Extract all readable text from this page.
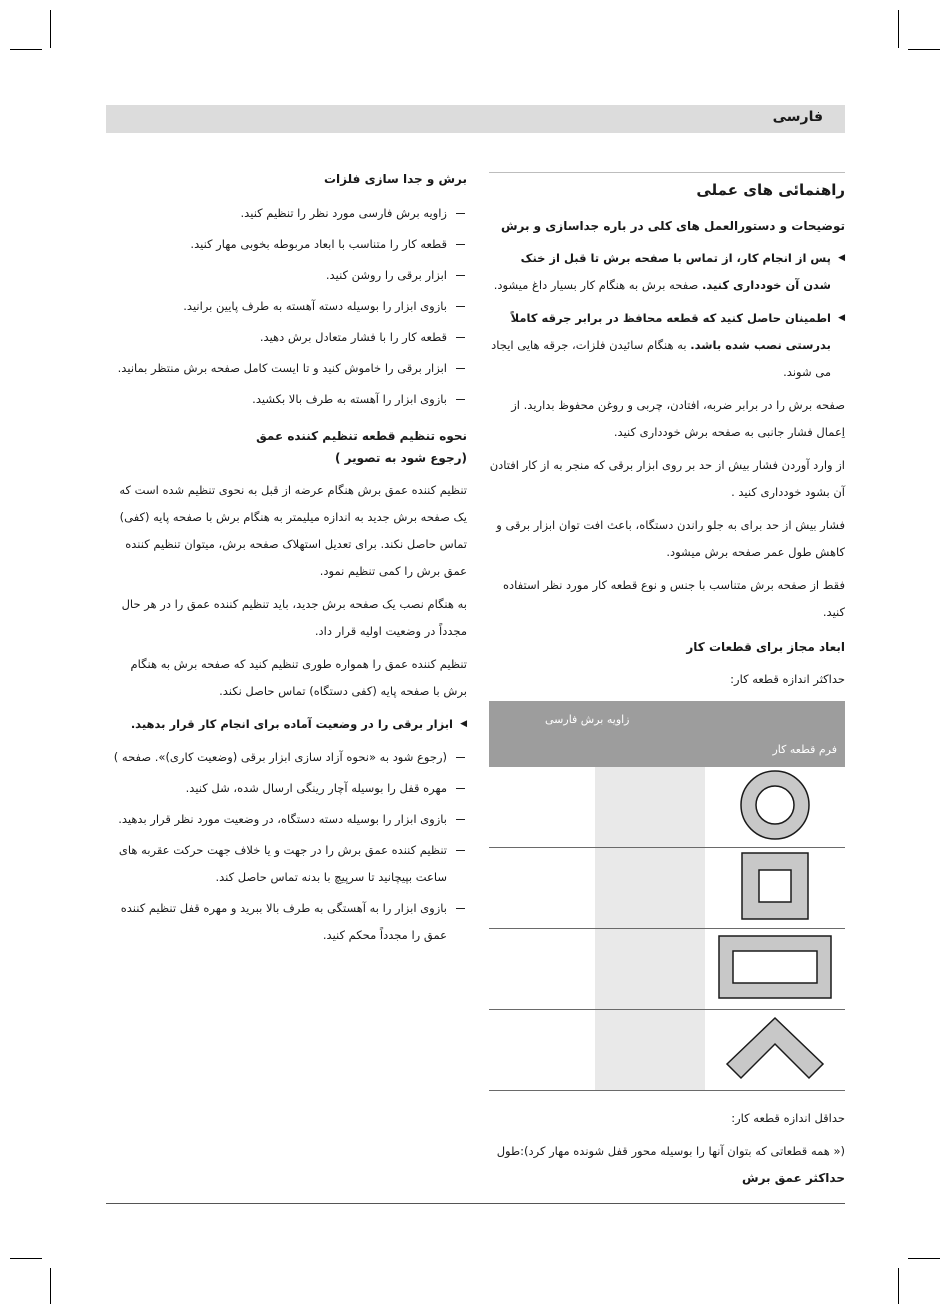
فارسی
راهنمائی های عملی
توضیحات و دستورالعمل های کلی در باره جداسازی و برش
◀ پس از انجام کار، از تماس با صفحه برش تا قبل از خنک شدن آن خودداری کنید. صفحه برش به هنگام کار بسیار داغ میشود.
◀ اطمینان حاصل کنید که قطعه محافظ در برابر جرقه کاملاً بدرستی نصب شده باشد. به هنگام سائیدن فلزات، جرقه هایی ایجاد می شوند.

صفحه برش را در برابر ضربه، افتادن، چربی و روغن محفوظ بدارید. از اِعمال فشار جانبی به صفحه برش خودداری کنید.

از وارد آوردن فشار بیش از حد بر روی ابزار برقی که منجر به از کار افتادن آن بشود خودداری کنید .

فشار بیش از حد برای به جلو راندن دستگاه، باعث افت توان ابزار برقی و کاهش طول عمر صفحه برش میشود.

فقط از صفحه برش متناسب با جنس و نوع قطعه کار مورد نظر استفاده کنید.

ابعاد مجاز برای قطعات کار

حداکثر اندازه قطعه کار:

فرم قطعه کار
زاویه برش فارسی		

حداقل اندازه قطعه کار:

(« همه قطعاتی که بتوان آنها را بوسیله محور قفل شونده مهار کرد):طول

حداکثر عمق برش
برش و جدا سازی فلزات
زاویه برش فارسی مورد نظر را تنظیم کنید.
قطعه کار را متناسب با ابعاد مربوطه بخوبی مهار کنید.
ابزار برقی را روشن کنید.
بازوی ابزار را بوسیله دسته آهسته به طرف پایین برانید.
قطعه کار را با فشار متعادل برش دهید.
ابزار برقی را خاموش کنید و تا ایست کامل صفحه برش منتظر بمانید.
بازوی ابزار را آهسته به طرف بالا بکشید.
نحوه تنظیم قطعه تنظیم کننده عمق
(رجوع شود به تصویر )

تنظیم کننده عمق برش هنگام عرضه از قبل به نحوی تنظیم شده است که یک صفحه برش جدید به اندازه میلیمتر به هنگام برش با صفحه پایه (کفی) تماس حاصل نکند. برای تعدیل استهلاک صفحه برش، میتوان تنظیم کننده عمق برش را کمی تنظیم نمود.

به هنگام نصب یک صفحه برش جدید، باید تنظیم کننده عمق را در هر حال مجدداً در وضعیت اولیه قرار داد.

تنظیم کننده عمق را همواره طوری تنظیم کنید که صفحه برش به هنگام برش با صفحه پایه (کفی دستگاه) تماس حاصل نکند.

◀ ابزار برقی را در وضعیت آماده برای انجام کار قرار بدهید.
(رجوع شود به «نحوه آزاد سازی ابزار برقی (وضعیت کاری)». صفحه )
مهره قفل را بوسیله آچار رینگی ارسال شده، شل کنید.
بازوی ابزار را بوسیله دسته دستگاه، در وضعیت مورد نظر قرار بدهید.
تنظیم کننده عمق برش را در جهت و یا خلاف جهت حرکت عقربه های ساعت بپیچانید تا سرپیچ با بدنه تماس حاصل کند.
بازوی ابزار را به آهستگی به طرف بالا ببرید و مهره قفل تنظیم کننده عمق را مجدداً محکم کنید.
